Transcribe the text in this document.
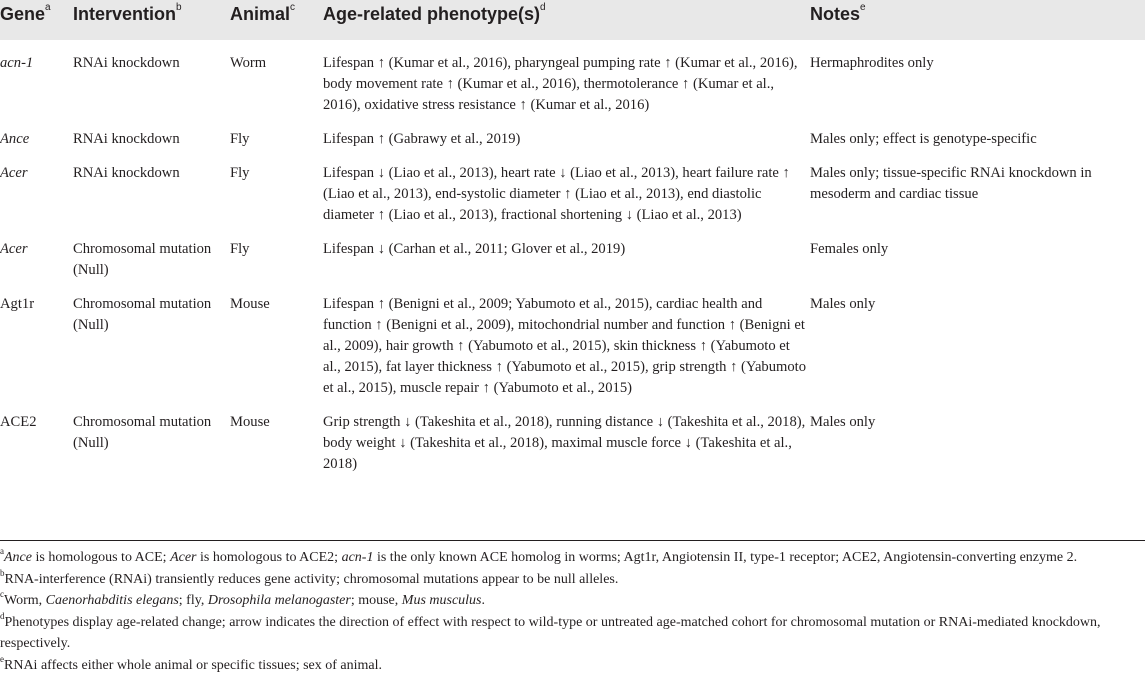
Gene$^a$	Intervention$^b$	Animal$^c$	Age-related $phenotype(s)^d$	Notes$^e$
acn-1	RNAi knockdown	Worm	Lifespan ↑ (Kumar et al., 2016), pharyngeal pumping rate ↑ (Kumar et al., 2016), body movement rate ↑ (Kumar et al., 2016), thermotolerance ↑ (Kumar et al., 2016), oxidative stress resistance ↑ (Kumar et al., 2016)	Hermaphrodites only
Ance	RNAi knockdown	Fly	Lifespan ↑ (Gabrawy et al., 2019)	Males only; effect is genotype-specific
Acer	RNAi knockdown	Fly	Lifespan ↓ (Liao et al., 2013), heart rate ↓ (Liao et al., 2013), heart failure rate ↑ (Liao et al., 2013), end-systolic diameter ↑ (Liao et al., 2013), end diastolic diameter ↑ (Liao et al., 2013), fractional shortening ↓ (Liao et al., 2013)	Males only; tissue-specific RNAi knockdown in mesoderm and cardiac tissue
Acer	Chromosomal mutation (Null)	Fly	Lifespan ↓ (Carhan et al., 2011; Glover et al., 2019)	Females only
Agt1r	Chromosomal mutation (Null)	Mouse	Lifespan ↑ (Benigni et al., 2009; Yabumoto et al., 2015), cardiac health and function ↑ (Benigni et al., 2009), mitochondrial number and function ↑ (Benigni et al., 2009), hair growth ↑ (Yabumoto et al., 2015), skin thickness ↑ (Yabumoto et al., 2015), fat layer thickness ↑ (Yabumoto et al., 2015), grip strength ↑ (Yabumoto et al., 2015), muscle repair ↑ (Yabumoto et al., 2015)	Males only
ACE2	Chromosomal mutation (Null)	Mouse	Grip strength ↓ (Takeshita et al., 2018), running distance ↓ (Takeshita et al., 2018), body weight ↓ (Takeshita et al., 2018), maximal muscle force ↓ (Takeshita et al., 2018)	Males only

$^a$Ance is homologous to ACE; Acer is homologous to ACE2; acn-1 is the only known ACE homolog in worms; Agt1r, Angiotensin II, type-1 receptor; ACE2, Angiotensin-converting enzyme 2.

$^b$RNA-interference (RNAi) transiently reduces gene activity; chromosomal mutations appear to be null alleles.

$^c$Worm, Caenorhabditis elegans; fly, Drosophila melanogaster; mouse, Mus musculus.

$^d$Phenotypes display age-related change; arrow indicates the direction of effect with respect to wild-type or untreated age-matched cohort for chromosomal mutation or RNAi-mediated knockdown, respectively.

$^e$RNAi affects either whole animal or specific tissues; sex of animal.
